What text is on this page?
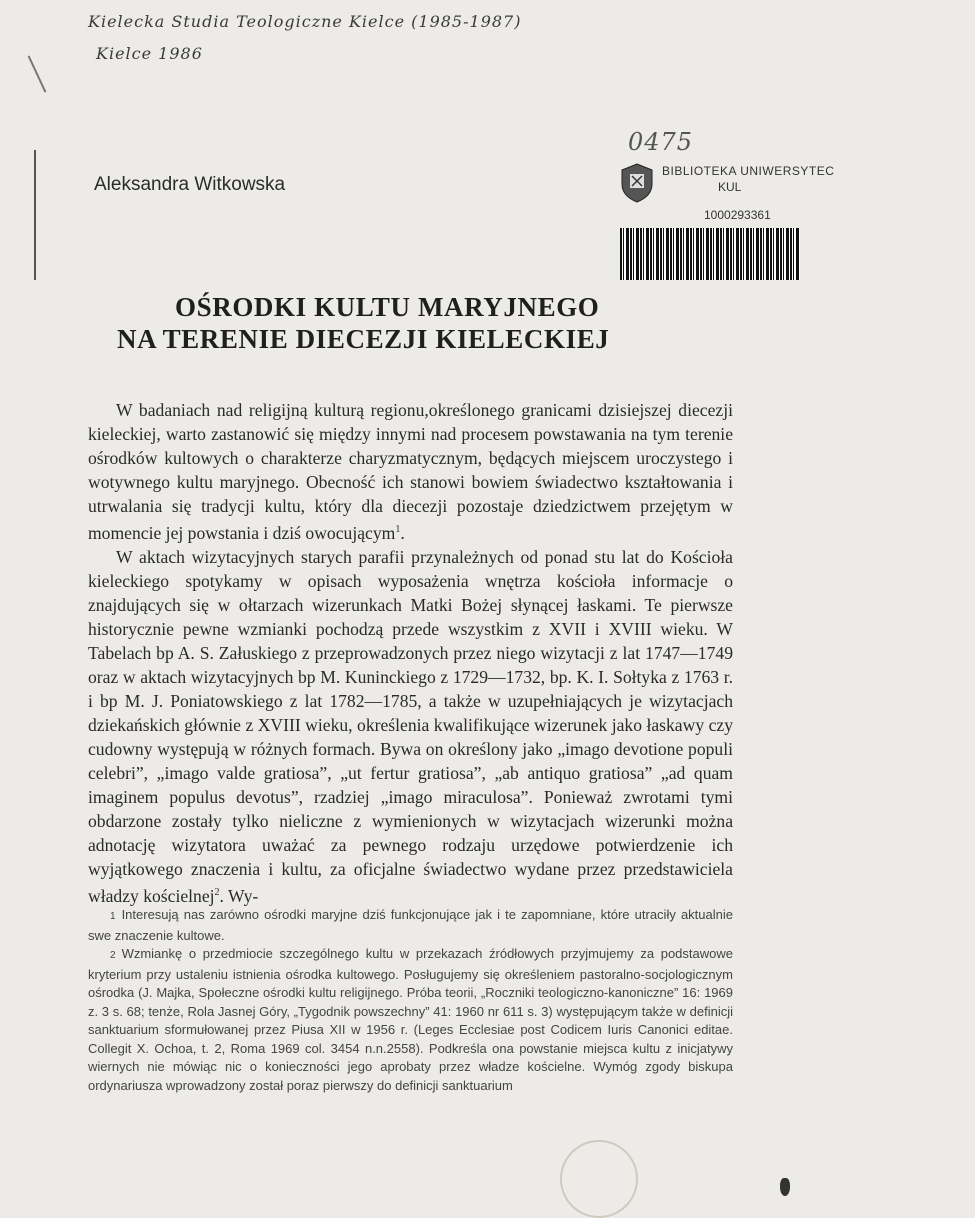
Kielecka Studia Teologiczne Kielce (1985-1987)
Kielce 1986
0475
Aleksandra Witkowska
BIBLIOTEKA UNIWERSYTEC
KUL
1000293361
OŚRODKI KULTU MARYJNEGO
NA TERENIE DIECEZJI KIELECKIEJ

W badaniach nad religijną kulturą regionu,określonego granicami dzisiejszej diecezji kieleckiej, warto zastanowić się między innymi nad procesem powstawania na tym terenie ośrodków kultowych o charakterze charyzmatycznym, będących miejscem uroczystego i wotywnego kultu maryjnego. Obecność ich stanowi bowiem świadectwo kształtowania i utrwalania się tradycji kultu, który dla diecezji pozostaje dziedzictwem przejętym w momencie jej powstania i dziś owocującym$^1$.

W aktach wizytacyjnych starych parafii przynależnych od ponad stu lat do Kościoła kieleckiego spotykamy w opisach wyposażenia wnętrza kościoła informacje o znajdujących się w ołtarzach wizerunkach Matki Bożej słynącej łaskami. Te pierwsze historycznie pewne wzmianki pochodzą przede wszystkim z XVII i XVIII wieku. W Tabelach bp A. S. Załuskiego z przeprowadzonych przez niego wizytacji z lat 1747—1749 oraz w aktach wizytacyjnych bp M. Kuninckiego z 1729—1732, bp. K. I. Sołtyka z 1763 r. i bp M. J. Poniatowskiego z lat 1782—1785, a także w uzupełniających je wizytacjach dziekańskich głównie z XVIII wieku, określenia kwalifikujące wizerunek jako łaskawy czy cudowny występują w różnych formach. Bywa on określony jako „imago devotione populi celebri”, „imago valde gratiosa”, „ut fertur gratiosa”, „ab antiquo gratiosa” „ad quam imaginem populus devotus”, rzadziej „imago miraculosa”. Ponieważ zwrotami tymi obdarzone zostały tylko nieliczne z wymienionych w wizytacjach wizerunki można adnotację wizytatora uważać za pewnego rodzaju urzędowe potwierdzenie ich wyjątkowego znaczenia i kultu, za oficjalne świadectwo wydane przez przedstawiciela władzy kościelnej$^2$. Wy-

1 Interesują nas zarówno ośrodki maryjne dziś funkcjonujące jak i te zapomniane, które utraciły aktualnie swe znaczenie kultowe.

2 Wzmiankę o przedmiocie szczególnego kultu w przekazach źródłowych przyjmujemy za podstawowe kryterium przy ustaleniu istnienia ośrodka kultowego. Posługujemy się określeniem pastoralno-socjologicznym ośrodka (J. Majka, Społeczne ośrodki kultu religijnego. Próba teorii, „Roczniki teologiczno-kanoniczne” 16: 1969 z. 3 s. 68; tenże, Rola Jasnej Góry, „Tygodnik powszechny” 41: 1960 nr 611 s. 3) występującym także w definicji sanktuarium sformułowanej przez Piusa XII w 1956 r. (Leges Ecclesiae post Codicem Iuris Canonici editae. Collegit X. Ochoa, t. 2, Roma 1969 col. 3454 n.n.2558). Podkreśla ona powstanie miejsca kultu z inicjatywy wiernych nie mówiąc nic o konieczności jego aprobaty przez władze kościelne. Wymóg zgody biskupa ordynariusza wprowadzony został poraz pierwszy do definicji sanktuarium
